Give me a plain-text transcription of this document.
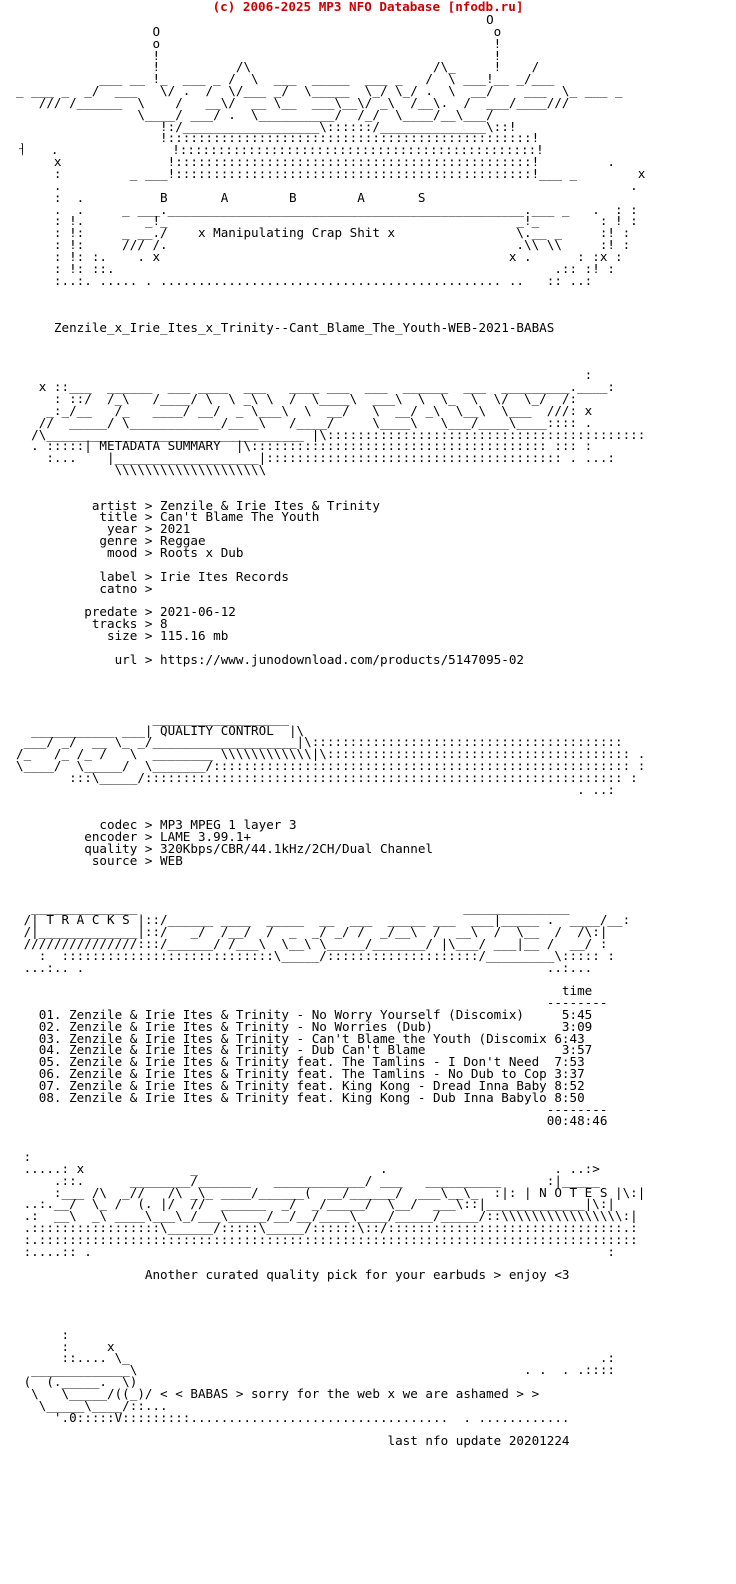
(c) 2006-2025 MP3 NFO Database [nfodb.ru]
O
O                                            o
o                                            !
!                                            !
!          /\                        /\_     !    /
___ __ !_  ___ _ /  \  ___  _____  ___ _   /  \ ___!__ _/___
_ ___ _  _/  ___   \/ .  /  \/___ _/  \_____  \_/ \_/ .  \  __/    ___  \_ ___ _
/// /______  \    /   __\/  __ \__  ___\__\/ _\  /__\.  /  ___/____///
\____/ ___/ .  \__________/  /_/  \____/__\___/
!:/__________________\::::::/______________\::!
!::::::::::::::::::::::::::::::::::::::::::::::::!
ㅓ   .               !:::::::::::::::::::::::::::::::::::::::::::::::!
x              !:::::::::::::::::::::::::::::::::::::::::::::::!         .
:         _ ___!:::::::::::::::::::::::::::::::::::::::::::::::!___ _        x
.                                                                           .
:  .          B       A        B        A       S
.  .     _ ___._______________________________________________.___ _   .  : :
: !.        _!_                                              _!_        : ! :
: !:     _ __./    x Manipulating Crap Shit x                \.__ _     :! :
: !:     /// /.                                              .\\ \\     :! :
: !: :.    . x                                              x .      : :x :
: !: ::.                                                          .:: :! :
:..:. ..... . ............................................. ..   :: ..:

Zenzile_x_Irie_Ites_x_Trinity--Cant_Blame_The_Youth-WEB-2021-BABAS

:
x ::___  ______  ___ ____  ___   ____ ___  ___  ______  ___  _________.____:
: ::/  /_\   /____/ \  \ _\ \  /  \____\  ___\  \  \_  \  \/  \_/  /:
_:_/__   /_   ____/ __/  _ \___\  \  __/   \  __/ _\  \__\  \___  ///: x
//  _____/ \____________/____\   /____/     \____\   \___/____\____:::: .
/\_________ ________________________ |\::::::::::::::::::::::::::::::::::::::::::
. :::::| METADATA SUMMARY  |\::::::::::::::::::::::::::::::::::::::: ::: :
:...    |___________________|::::::::::::::::::::::::::::::::::::::: . ...:
\\\\\\\\\\\\\\\\\\\\

artist > Zenzile & Irie Ites & Trinity
title > Can't Blame The Youth
year > 2021
genre > Reggae
mood > Roots x Dub

label > Irie Ites Records
catno >

predate > 2021-06-12
tracks > 8
size > 115.16 mb

url > https://www.junodownload.com/products/5147095-02

__________________
___________ ___| QUALITY CONTROL  |\
___/ _/  __ \_ _/___________________|\:::::::::::::::::::::::::::::::::::::::::
/_   /_ /_ /   \  ________ \\\\\\\\\\\\|\:::::::::::::::::::::::::::::::::::::::: .
\____/  \_____/  \_______/::::::::::::::::::::::::::::::::::::::::::::::::::::::: :
:::\_____/::::::::::::::::::::::::::::::::::::::::::::::::::::::::::::::: :
. ..:

codec > MP3 MPEG 1 layer 3
encoder > LAME 3.99.1+
quality > 320Kbps/CBR/44.1kHz/2CH/Dual Channel
source > WEB

______________                                           ______________
/| T R A C K S |::/______ ____  _____  __  ___  _____ ___  ___|_____ .  ____/__:
/|_____________|::/   _/  /__/  /  _  _/ _/ /  _/__\  /  __\  /  \__  /  /\:|
///////////////:::/______/ /___\  \__\ \_____/_______/ |\___/ ___|__ /  __/ :
:  ::::::::::::::::::::::::::::\_____/::::::::::::::::::::/_________\::::: :
...:.. .                                                             ..:...

time
--------
01. Zenzile & Irie Ites & Trinity - No Worry Yourself (Discomix)     5:45
02. Zenzile & Irie Ites & Trinity - No Worries (Dub)                 3:09
03. Zenzile & Irie Ites & Trinity - Can't Blame the Youth (Discomix 6:43
04. Zenzile & Irie Ites & Trinity - Dub Can't Blame                  3:57
05. Zenzile & Irie Ites & Trinity feat. The Tamlins - I Don't Need  7:53
06. Zenzile & Irie Ites & Trinity feat. The Tamlins - No Dub to Cop 3:37
07. Zenzile & Irie Ites & Trinity feat. King Kong - Dread Inna Baby 8:52
08. Zenzile & Irie Ites & Trinity feat. King Kong - Dub Inna Babylo 8:50
--------
00:48:46

:
.....: x              _                        .                      . ..:>
.::.      ________/_______   ____________/ ___   __________      :|_____
:___ /\  _//   /\ _\_ ____/______(  __/______/  ___\__\_  :|: | N O T E S |\:|
..:.__/  \_ /  (. |/  //  ______  _/  _/_____/  \__/  ___\::|_____________|\:|
.:  __\  _\ ____\___\_/___\_____/__/__/____\____/_____/_____/::\\\\\\\\\\\\\\\\:|
.:::::::::::::::::\______/:::::\_____/::::::\::/:::::::::::::::::::::::::::::::.:
:.:::::::::::::::::::::::::::::::::::::::::::::::::::::::::::::::::::::::::::::::
:....:: .                                                                    :

Another curated quality pick for your earbuds > enjoy <3

:
:     x
::.... \_                                                              .:
_____________\                                                   . .  . .::::
(  (._____.  \)
\   \_____/((_)/ < < BABAS > sorry for the web x we are ashamed > >
\_____\____/::...
'.0:::::V:::::::::..................................  . ............

last nfo update 20201224
